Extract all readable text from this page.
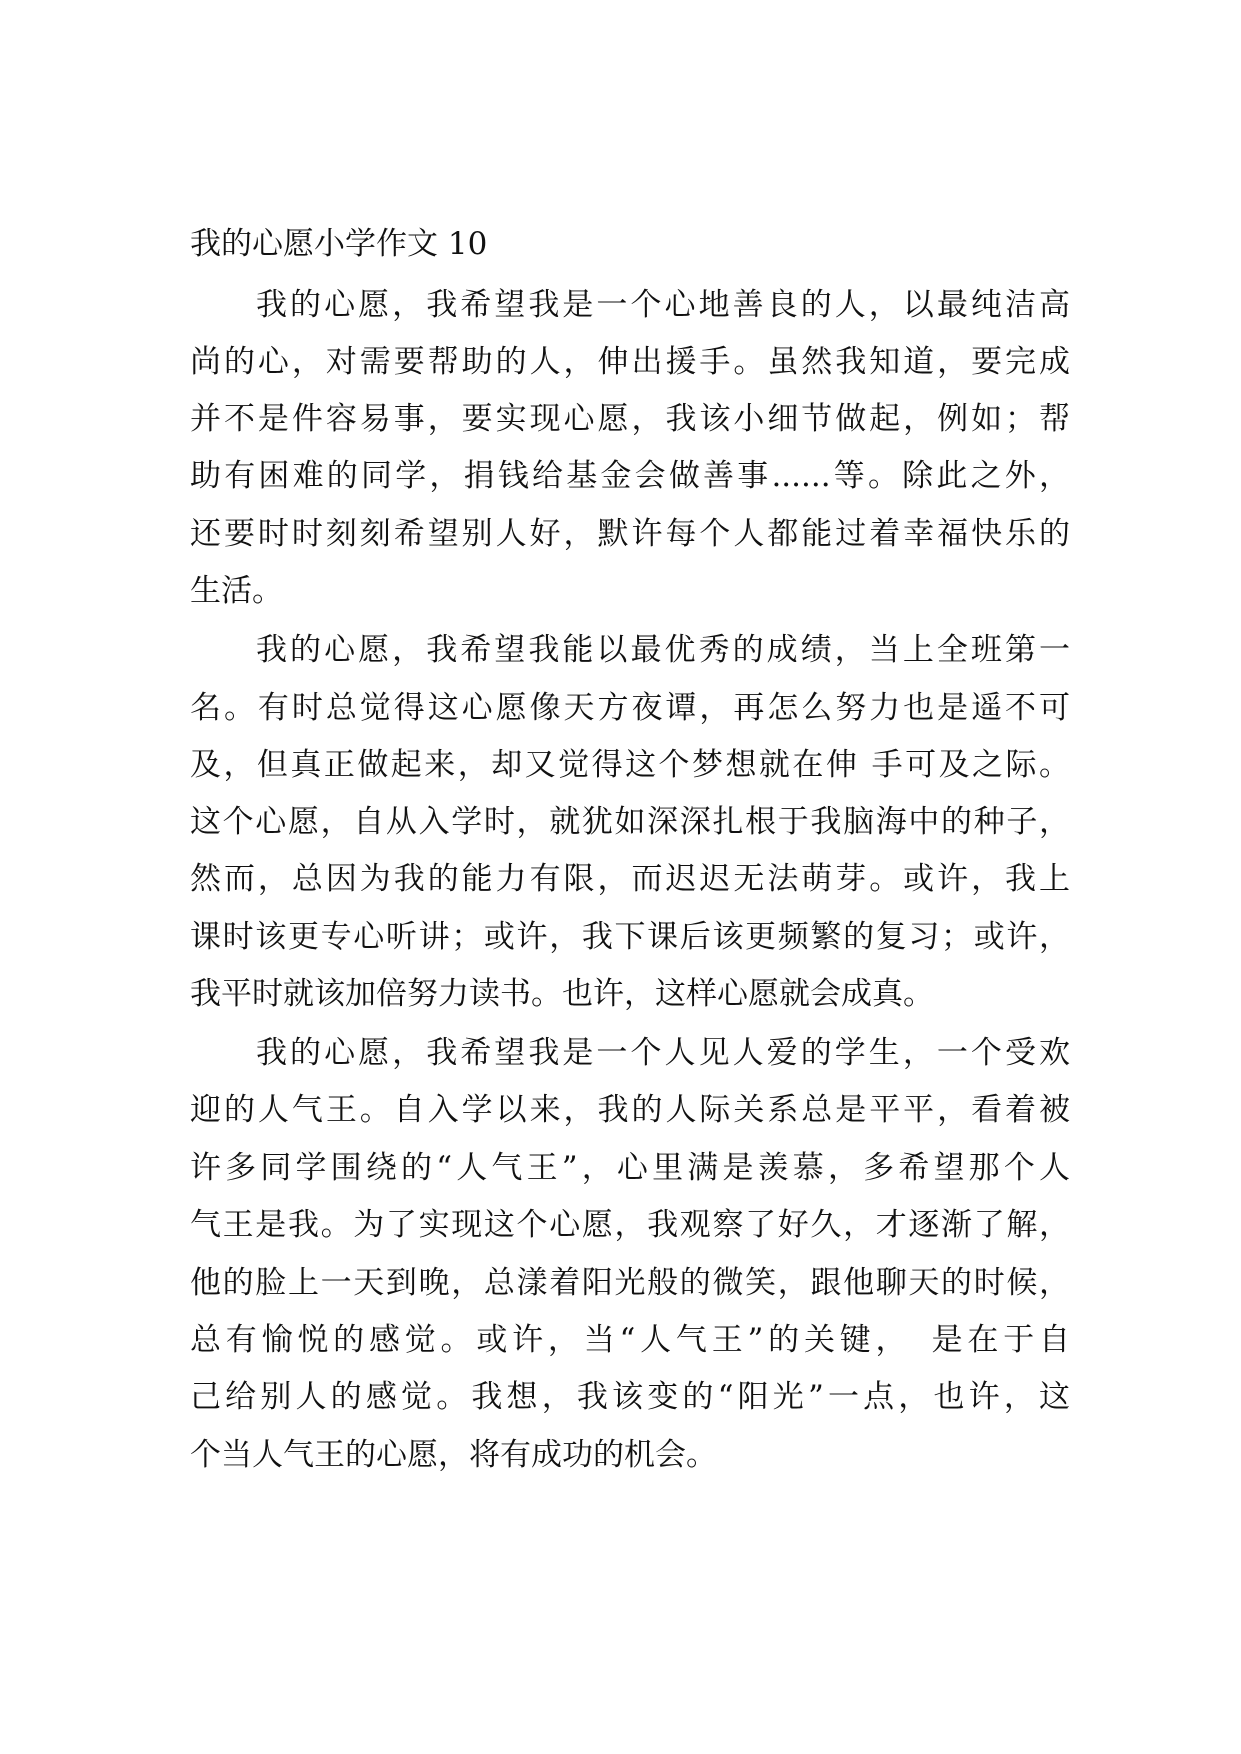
我的心愿小学作文 10
我的心愿，我希望我是一个心地善良的人，以最纯洁高
尚的心，对需要帮助的人，伸出援手。虽然我知道，要完成
并不是件容易事，要实现心愿，我该小细节做起，例如；帮
助有困难的同学，捐钱给基金会做善事......等。除此之外，
还要时时刻刻希望别人好，默许每个人都能过着幸福快乐的
生活。
我的心愿，我希望我能以最优秀的成绩，当上全班第一
名。有时总觉得这心愿像天方夜谭，再怎么努力也是遥不可
及，但真正做起来，却又觉得这个梦想就在伸 手可及之际。
这个心愿，自从入学时，就犹如深深扎根于我脑海中的种子，
然而，总因为我的能力有限，而迟迟无法萌芽。或许，我上
课时该更专心听讲；或许，我下课后该更频繁的复习；或许，
我平时就该加倍努力读书。也许，这样心愿就会成真。
我的心愿，我希望我是一个人见人爱的学生，一个受欢
迎的人气王。自入学以来，我的人际关系总是平平，看着被
许多同学围绕的“人气王”，心里满是羡慕，多希望那个人
气王是我。为了实现这个心愿，我观察了好久，才逐渐了解，
他的脸上一天到晚，总漾着阳光般的微笑，跟他聊天的时候，
总有愉悦的感觉。或许，当“人气王”的关键，　是在于自
己给别人的感觉。我想，我该变的“阳光”一点，也许，这
个当人气王的心愿，将有成功的机会。
